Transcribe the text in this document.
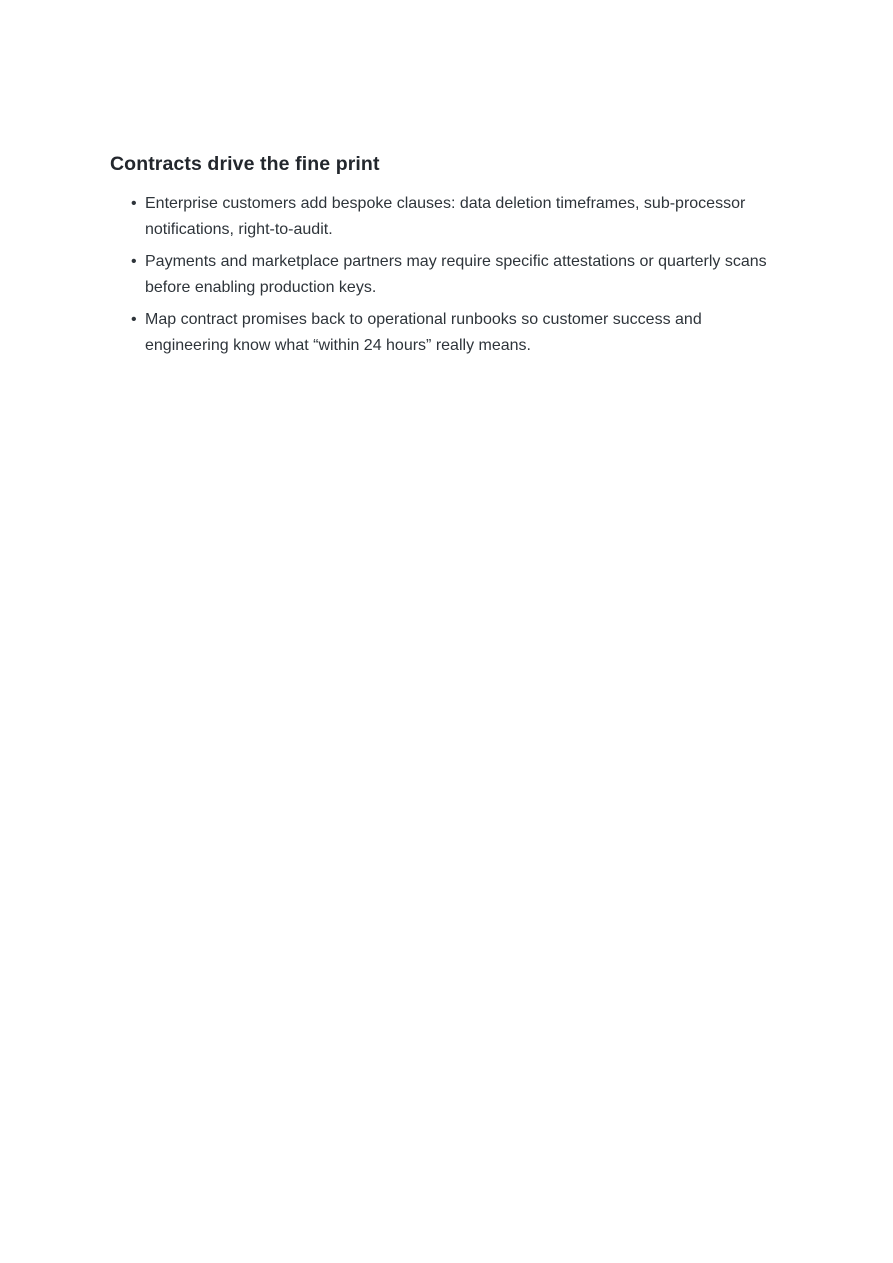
Contracts drive the fine print
• Enterprise customers add bespoke clauses: data deletion timeframes, sub-processor notifications, right-to-audit.
• Payments and marketplace partners may require specific attestations or quarterly scans before enabling production keys.
• Map contract promises back to operational runbooks so customer success and engineering know what “within 24 hours” really means.
